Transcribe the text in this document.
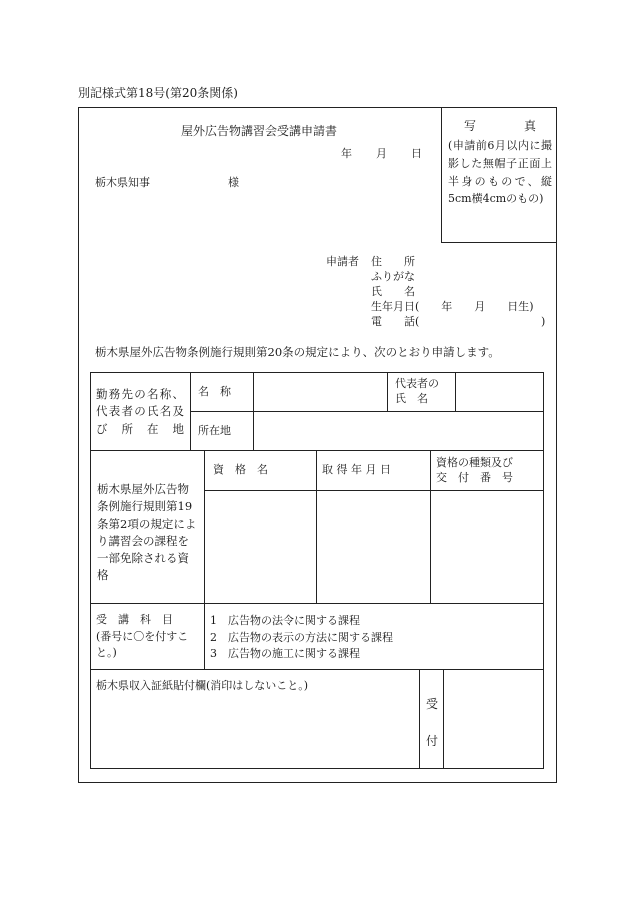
別記様式第18号(第20条関係)
写	真
(申請前6月以内に撮影した無帽子正面上半身のもので、縦5cm横4cmのもの)
屋外広告物講習会受講申請書
年 月 日
栃木県知事	様
申請者 住　　所
ふりがな
氏　　名
生年月日(　　年　　月　　日生)
電　　話(	)
栃木県屋外広告物条例施行規則第20条の規定により、次のとおり申請します。
勤務先の名称、代表者の氏名及び所在地
名　称
代表者の
氏　名
所在地
栃木県屋外広告物条例施行規則第19条第2項の規定により講習会の課程を一部免除される資格
資　格　名	取 得 年 月 日
資格の種類及び
交　付　番　号
受　講　科　目
(番号に〇を付すこと。)
1　広告物の法令に関する課程
2　広告物の表示の方法に関する課程
3　広告物の施工に関する課程
栃木県収入証紙貼付欄(消印はしないこと。)
受
付
